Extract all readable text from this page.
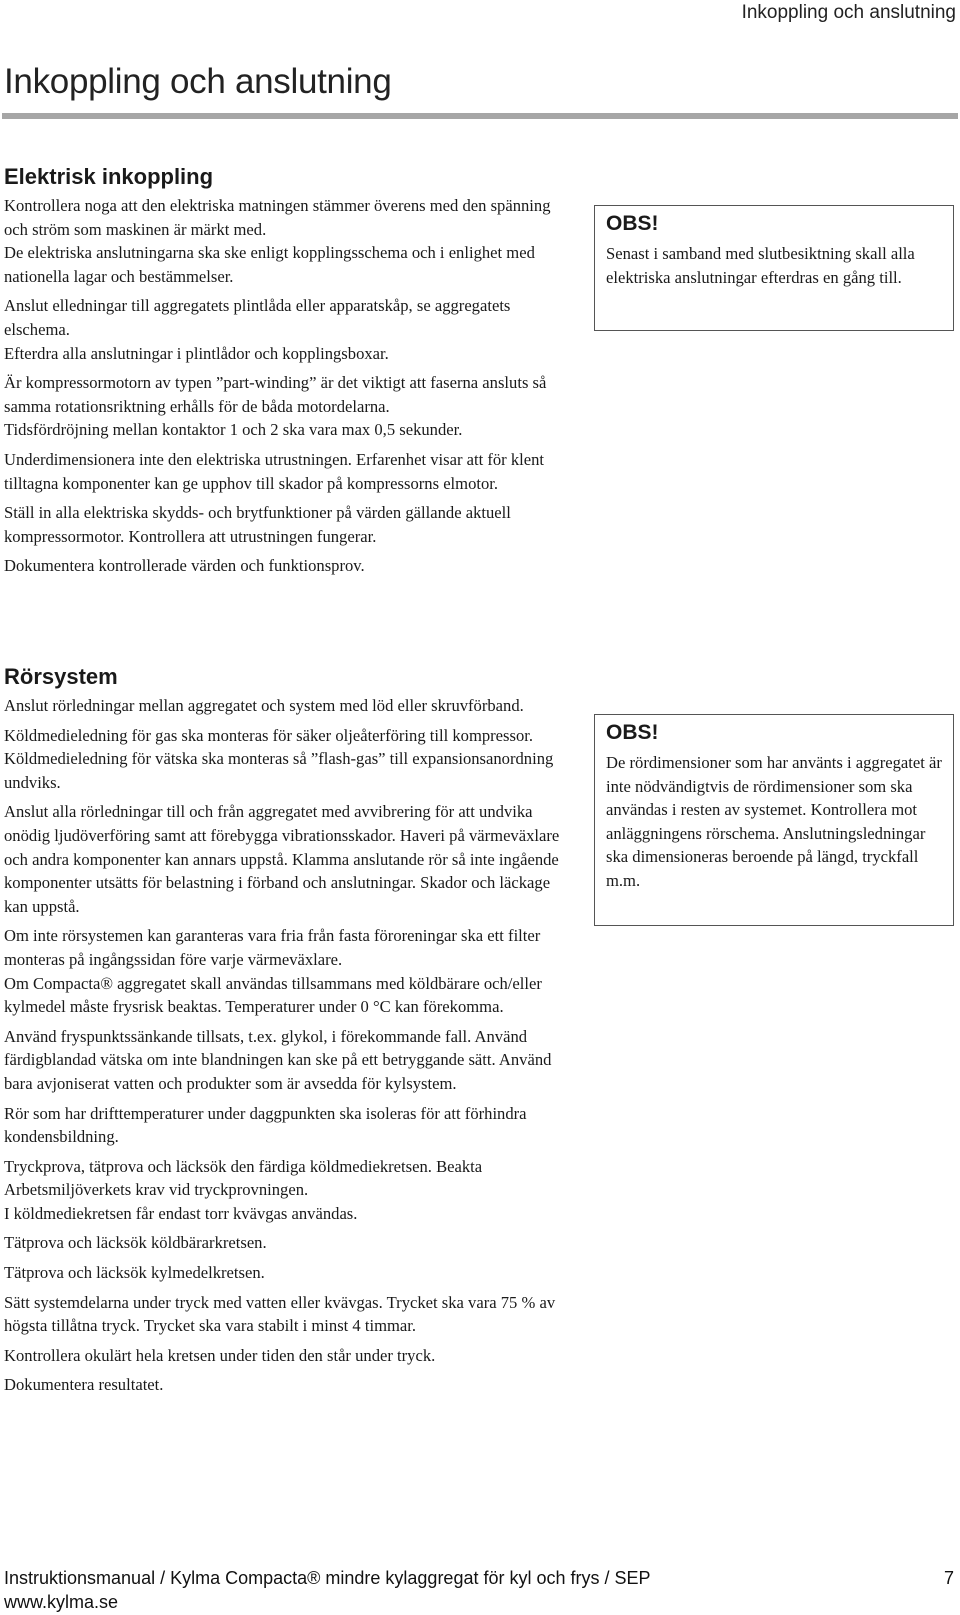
Inkoppling och anslutning
Inkoppling och anslutning
Elektrisk inkoppling

Kontrollera noga att den elektriska matningen stämmer överens med den spänning och ström som maskinen är märkt med.

De elektriska anslutningarna ska ske enligt kopplingsschema och i enlighet med nationella lagar och bestämmelser.

Anslut elledningar till aggregatets plintlåda eller apparatskåp, se aggregatets elschema.

Efterdra alla anslutningar i plintlådor och kopplingsboxar.

Är kompressormotorn av typen ”part-winding” är det viktigt att faserna ansluts så samma rotationsriktning erhålls för de båda motordelarna.

Tidsfördröjning mellan kontaktor 1 och 2 ska vara max 0,5 sekunder.

Underdimensionera inte den elektriska utrustningen. Erfarenhet visar att för klent tilltagna komponenter kan ge upphov till skador på kompressorns elmotor.

Ställ in alla elektriska skydds- och brytfunktioner på värden gällande aktuell kompressormotor. Kontrollera att utrustningen fungerar.

Dokumentera kontrollerade värden och funktionsprov.

OBS!

Senast i samband med slutbesiktning skall alla elektriska anslutningar efterdras en gång till.

Rörsystem

Anslut rörledningar mellan aggregatet och system med löd eller skruvförband.

Köldmedieledning för gas ska monteras för säker oljeåterföring till kompressor.

Köldmedieledning för vätska ska monteras så ”flash-gas” till expansionsanordning undviks.

Anslut alla rörledningar till och från aggregatet med avvibrering för att undvika onödig ljudöverföring samt att förebygga vibrationsskador. Haveri på värmeväxlare och andra komponenter kan annars uppstå. Klamma anslutande rör så inte ingående komponenter utsätts för belastning i förband och anslutningar. Skador och läckage kan uppstå.

Om inte rörsystemen kan garanteras vara fria från fasta föroreningar ska ett filter monteras på ingångssidan före varje värmeväxlare.

Om Compacta® aggregatet skall användas tillsammans med köldbärare och/eller kylmedel måste frysrisk beaktas. Temperaturer under 0 °C kan förekomma.

Använd fryspunktssänkande tillsats, t.ex. glykol, i förekommande fall. Använd färdigblandad vätska om inte blandningen kan ske på ett betryggande sätt. Använd bara avjoniserat vatten och produkter som är avsedda för kylsystem.

Rör som har drifttemperaturer under daggpunkten ska isoleras för att förhindra kondensbildning.

Tryckprova, tätprova och läcksök den färdiga köldmediekretsen. Beakta Arbetsmiljöverkets krav vid tryckprovningen.

I köldmediekretsen får endast torr kvävgas användas.

Tätprova och läcksök köldbärarkretsen.

Tätprova och läcksök kylmedelkretsen.

Sätt systemdelarna under tryck med vatten eller kvävgas. Trycket ska vara 75 % av högsta tillåtna tryck. Trycket ska vara stabilt i minst 4 timmar.

Kontrollera okulärt hela kretsen under tiden den står under tryck.

Dokumentera resultatet.

OBS!

De rördimensioner som har använts i aggregatet är inte nödvändigtvis de rördimensioner som ska användas i resten av systemet. Kontrollera mot anläggningens rörschema. Anslutningsledningar ska dimensioneras beroende på längd, tryckfall m.m.

Instruktionsmanual / Kylma Compacta® mindre kylaggregat för kyl och frys / SEP	7
www.kylma.se
